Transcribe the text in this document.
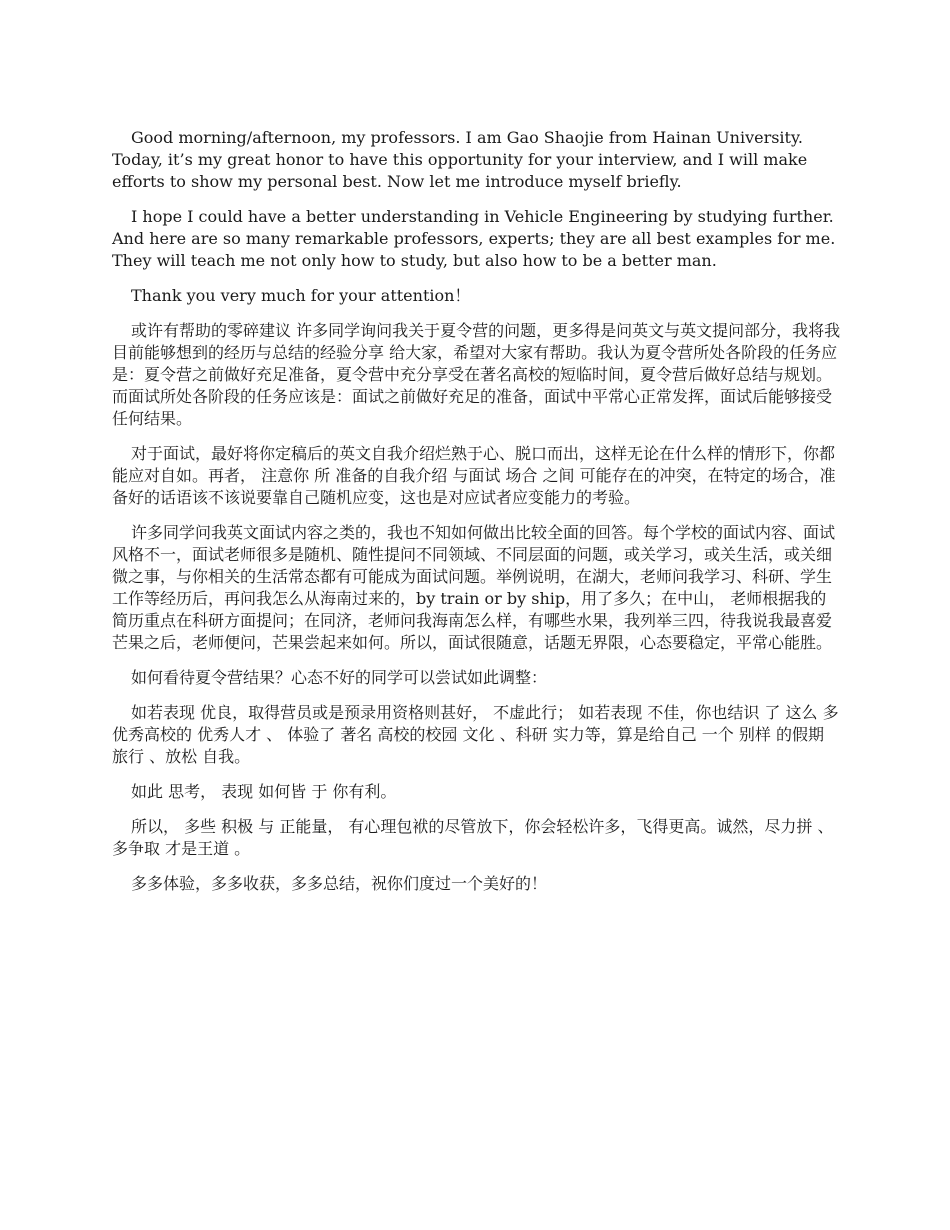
Good morning/afternoon, my professors. I am Gao Shaojie from Hainan University. Today, it’s my great honor to have this opportunity for your interview, and I will make efforts to show my personal best. Now let me introduce myself briefly.

I hope I could have a better understanding in Vehicle Engineering by studying further. And here are so many remarkable professors, experts; they are all best examples for me. They will teach me not only how to study, but also how to be a better man.

Thank you very much for your attention！

或许有帮助的零碎建议 许多同学询问我关于夏令营的问题，更多得是问英文与英文提问部分，我将我目前能够想到的经历与总结的经验分享 给大家，希望对大家有帮助。我认为夏令营所处各阶段的任务应是：夏令营之前做好充足准备，夏令营中充分享受在著名高校的短临时间，夏令营后做好总结与规划。而面试所处各阶段的任务应该是：面试之前做好充足的准备，面试中平常心正常发挥，面试后能够接受任何结果。

对于面试，最好将你定稿后的英文自我介绍烂熟于心、脱口而出，这样无论在什么样的情形下，你都能应对自如。再者， 注意你 所 准备的自我介绍 与面试 场合 之间 可能存在的冲突，在特定的场合，准备好的话语该不该说要靠自己随机应变，这也是对应试者应变能力的考验。

许多同学问我英文面试内容之类的，我也不知如何做出比较全面的回答。每个学校的面试内容、面试风格不一，面试老师很多是随机、随性提问不同领域、不同层面的问题，或关学习，或关生活，或关细微之事，与你相关的生活常态都有可能成为面试问题。举例说明，在湖大，老师问我学习、科研、学生工作等经历后，再问我怎么从海南过来的，by train or by ship，用了多久；在中山， 老师根据我的简历重点在科研方面提问；在同济，老师问我海南怎么样，有哪些水果，我列举三四，待我说我最喜爱芒果之后，老师便问，芒果尝起来如何。所以，面试很随意，话题无界限，心态要稳定，平常心能胜。

如何看待夏令营结果？心态不好的同学可以尝试如此调整：

如若表现 优良，取得营员或是预录用资格则甚好， 不虚此行； 如若表现 不佳，你也结识 了 这么 多 优秀高校的 优秀人才 、 体验了 著名 高校的校园 文化 、科研 实力等，算是给自己 一个 别样 的假期 旅行 、放松 自我。

如此 思考， 表现 如何皆 于 你有利。

所以， 多些 积极 与 正能量， 有心理包袱的尽管放下，你会轻松许多，飞得更高。诚然，尽力拼 、 多争取 才是王道 。

多多体验，多多收获，多多总结，祝你们度过一个美好的！
